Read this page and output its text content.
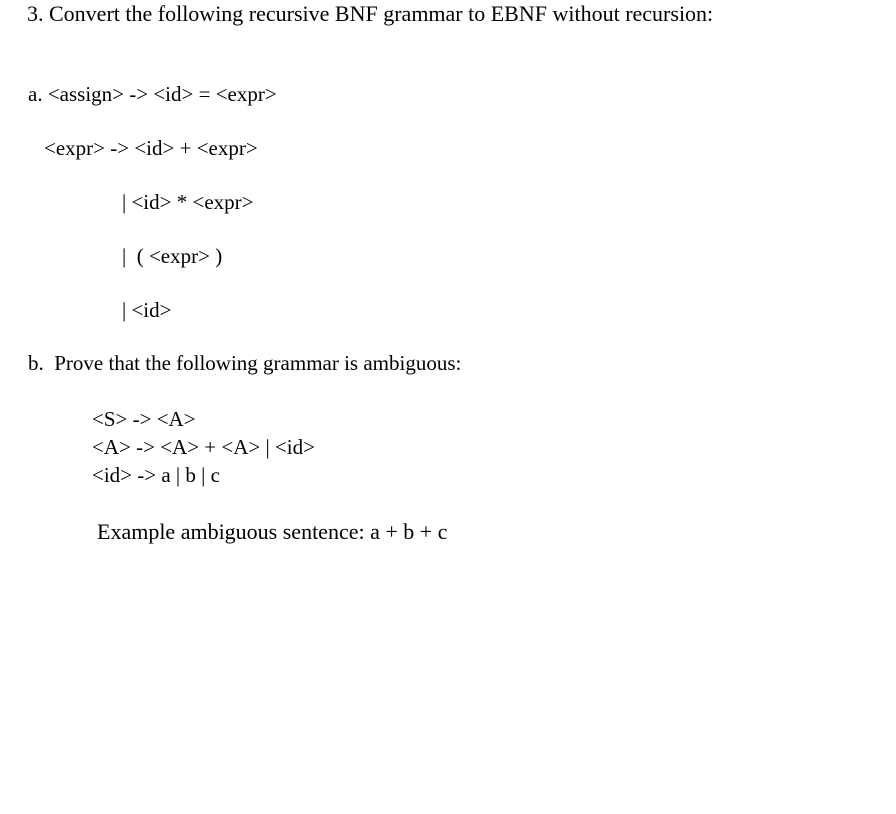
3. Convert the following recursive BNF grammar to EBNF without recursion:
a. <assign> -> <id> = <expr>
<expr> -> <id> + <expr>
| <id> * <expr>
|  ( <expr> )
| <id>
b.  Prove that the following grammar is ambiguous:
<S> -> <A>
<A> -> <A> + <A> | <id>
<id> -> a | b | c
Example ambiguous sentence: a + b + c
